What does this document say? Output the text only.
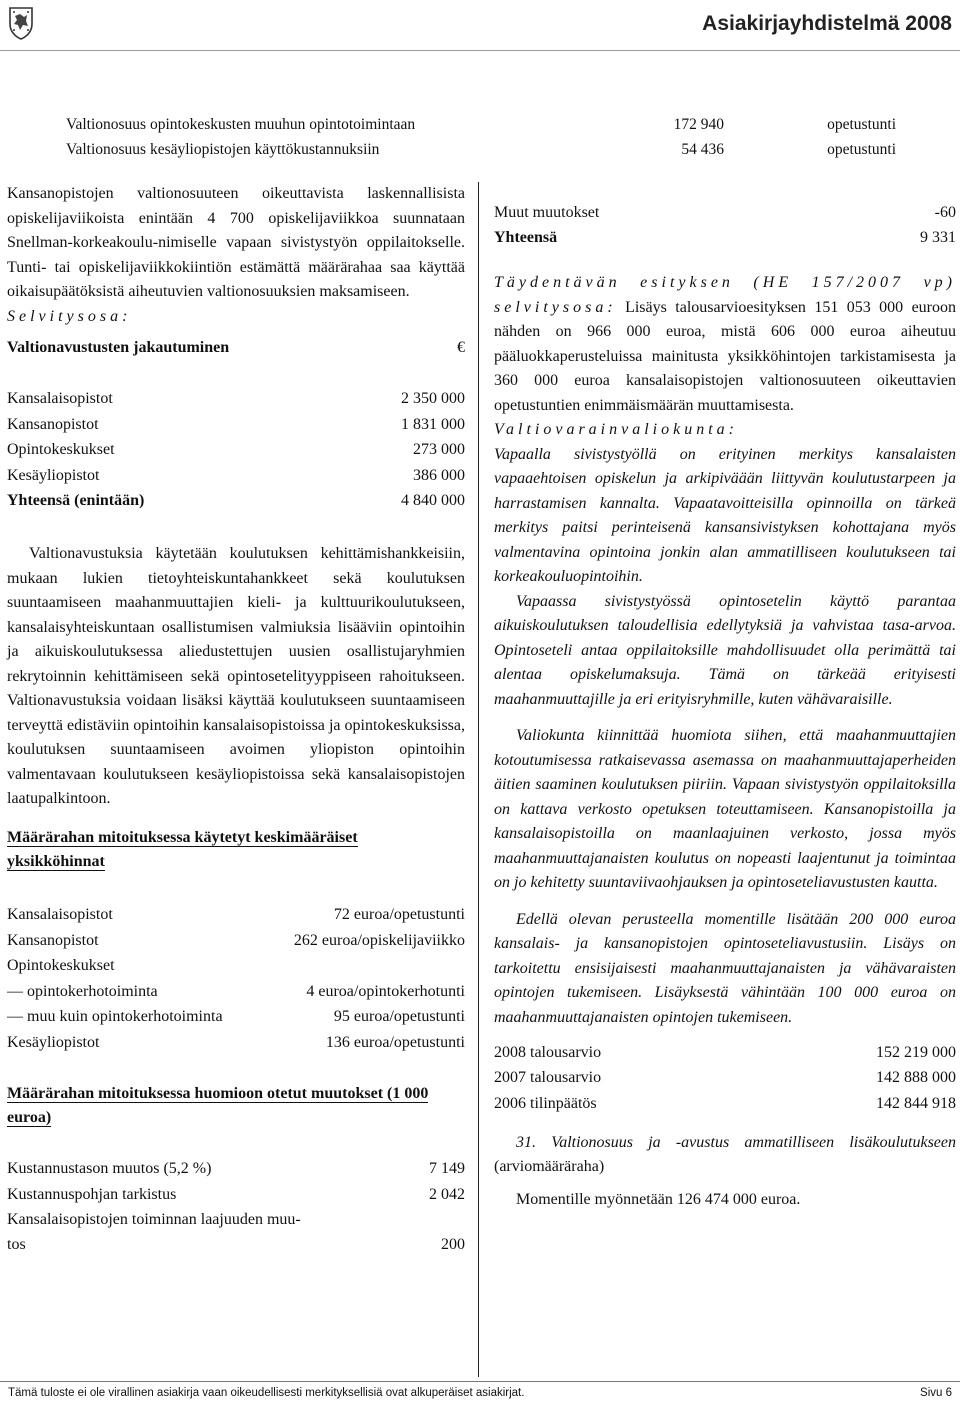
Asiakirjayhdistelmä 2008
Valtionosuus opintokeskusten muuhun opintotoimintaan	172 940	opetustunti
Valtionosuus kesäyliopistojen käyttökustannuksiin	54 436	opetustunti

Kansanopistojen valtionosuuteen oikeuttavista laskennallisista opiskelijaviikoista enintään 4 700 opiskelijaviikkoa suunnataan Snellman-korkeakoulu-nimiselle vapaan sivistystyön oppilaitokselle. Tunti- tai opiskelijaviikkokiintiön estämättä määrärahaa saa käyttää oikaisupäätöksistä aiheutuvien valtionosuuksien maksamiseen.

Selvitysosa:
Valtionavustusten jakautuminen	€
Kansalaisopistot	2 350 000
Kansanopistot	1 831 000
Opintokeskukset	273 000
Kesäyliopistot	386 000
Yhteensä (enintään)	4 840 000

Valtionavustuksia käytetään koulutuksen kehittämishankkeisiin, mukaan lukien tietoyhteiskuntahankkeet sekä koulutuksen suuntaamiseen maahanmuuttajien kieli- ja kulttuurikoulutukseen, kansalaisyhteiskuntaan osallistumisen valmiuksia lisääviin opintoihin ja aikuiskoulutuksessa aliedustettujen uusien osallistujaryhmien rekrytoinnin kehittämiseen sekä opintosetelityyppiseen rahoitukseen. Valtionavustuksia voidaan lisäksi käyttää koulutukseen suuntaamiseen terveyttä edistäviin opintoihin kansalaisopistoissa ja opintokeskuksissa, koulutuksen suuntaamiseen avoimen yliopiston opintoihin valmentavaan koulutukseen kesäyliopistoissa sekä kansalaisopistojen laatupalkintoon.

Määrärahan mitoituksessa käytetyt keskimääräiset yksikköhinnat
Kansalaisopistot	72 euroa/opetustunti
Kansanopistot	262 euroa/opiskelijaviikko
Opintokeskukset
— opintokerhotoiminta	4 euroa/opintokerhotunti
— muu kuin opintokerhotoiminta	95 euroa/opetustunti
Kesäyliopistot	136 euroa/opetustunti
Määrärahan mitoituksessa huomioon otetut muutokset (1 000 euroa)
Kustannustason muutos (5,2 %)	7 149
Kustannuspohjan tarkistus	2 042
Kansalaisopistojen toiminnan laajuuden muu-
tos	200
Muut muutokset	-60
Yhteensä	9 331

Täydentävän esityksen (HE 157/2007 vp) selvitysosa: Lisäys talousarvioesityksen 151 053 000 euroon nähden on 966 000 euroa, mistä 606 000 euroa aiheutuu pääluokkaperusteluissa mainitusta yksikköhintojen tarkistamisesta ja 360 000 euroa kansalaisopistojen valtionosuuteen oikeuttavien opetustuntien enimmäismäärän muuttamisesta.

Valtiovarainvaliokunta:

Vapaalla sivistystyöllä on erityinen merkitys kansalaisten vapaaehtoisen opiskelun ja arkipiväään liittyvän koulutustarpeen ja harrastamisen kannalta. Vapaatavoitteisilla opinnoilla on tärkeä merkitys paitsi perinteisenä kansansivistyksen kohottajana myös valmentavina opintoina jonkin alan ammatilliseen koulutukseen tai korkeakouluopintoihin.

Vapaassa sivistystyössä opintosetelin käyttö parantaa aikuiskoulutuksen taloudellisia edellytyksiä ja vahvistaa tasa-arvoa. Opintoseteli antaa oppilaitoksille mahdollisuudet olla perimättä tai alentaa opiskelumaksuja. Tämä on tärkeää erityisesti maahanmuuttajille ja eri erityisryhmille, kuten vähävaraisille.

Valiokunta kiinnittää huomiota siihen, että maahanmuuttajien kotoutumisessa ratkaisevassa asemassa on maahanmuuttajaperheiden äitien saaminen koulutuksen piiriin. Vapaan sivistystyön oppilaitoksilla on kattava verkosto opetuksen toteuttamiseen. Kansanopistoilla ja kansalaisopistoilla on maanlaajuinen verkosto, jossa myös maahanmuuttajanaisten koulutus on nopeasti laajentunut ja toimintaa on jo kehitetty suuntaviivaohjauksen ja opintoseteliavustusten kautta.

Edellä olevan perusteella momentille lisätään 200 000 euroa kansalais- ja kansanopistojen opintoseteliavustusiin. Lisäys on tarkoitettu ensisijaisesti maahanmuuttajanaisten ja vähävaraisten opintojen tukemiseen. Lisäyksestä vähintään 100 000 euroa on maahanmuuttajanaisten opintojen tukemiseen.

2008 talousarvio	152 219 000
2007 talousarvio	142 888 000
2006 tilinpäätös	142 844 918

31. Valtionosuus ja -avustus ammatilliseen lisäkoulutukseen (arviomääräraha)

Momentille myönnetään 126 474 000 euroa.

Tämä tuloste ei ole virallinen asiakirja vaan oikeudellisesti merkityksellisiä ovat alkuperäiset asiakirjat.	Sivu 6
